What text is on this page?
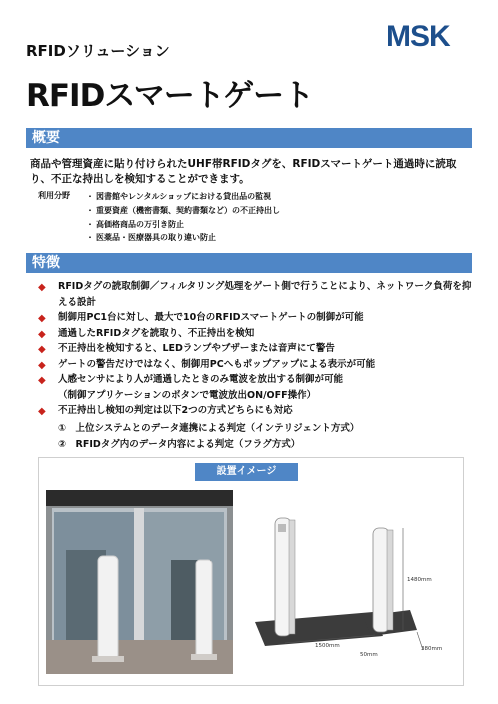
MSK
RFIDソリューション
RFIDスマートゲート
概要
商品や管理資産に貼り付けられたUHF帯RFIDタグを、RFIDスマートゲート通過時に読取り、不正な持出しを検知することができます。
利用分野
・	図書館やレンタルショップにおける貸出品の監視
・ 重要資産（機密書類、契約書類など）の不正持出し
・ 高価格商品の万引き防止
・ 医薬品・医療器具の取り違い防止
特徴
◆ RFIDタグの読取制御／フィルタリング処理をゲート側で行うことにより、ネットワーク負荷を抑える設計
◆ 制御用PC1台に対し、最大で10台のRFIDスマートゲートの制御が可能
◆ 通過したRFIDタグを読取り、不正持出を検知
◆ 不正持出を検知すると、LEDランプやブザーまたは音声にて警告
◆ ゲートの警告だけではなく、制御用PCへもポップアップによる表示が可能
◆ 人感センサにより人が通過したときのみ電波を放出する制御が可能
（制御アプリケーションのボタンで電波放出ON/OFF操作）
◆ 不正持出し検知の判定は以下2つの方式どちらにも対応
①　上位システムとのデータ連携による判定（インテリジェント方式）
②　RFIDタグ内のデータ内容による判定（フラグ方式）
設置イメージ
1480mm
1500mm
50mm
380mm
